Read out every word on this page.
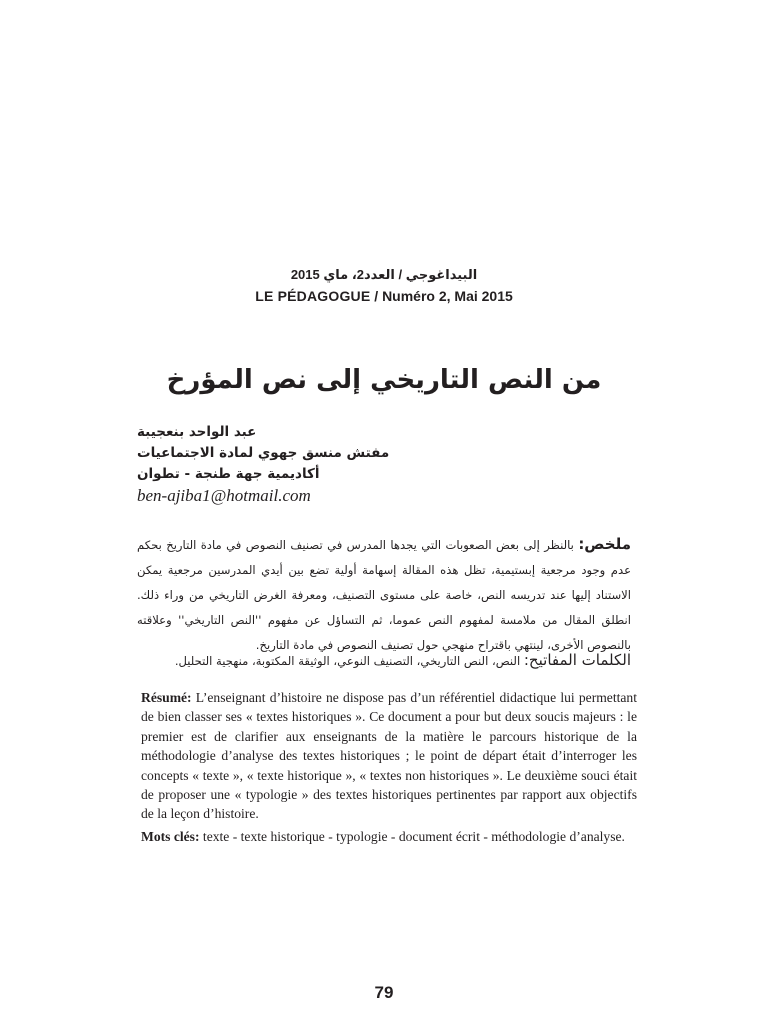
البيداغوجي / العدد2، ماي 2015
LE PÉDAGOGUE / Numéro 2, Mai 2015
من النص التاريخي إلى نص المؤرخ
عبد الواحد بنعجيبة
مفتش منسق جهوي لمادة الاجتماعيات
أكاديمية جهة طنجة - تطوان
ben-ajiba1@hotmail.com
ملخص: بالنظر إلى بعض الصعوبات التي يجدها المدرس في تصنيف النصوص في مادة التاريخ بحكم عدم وجود مرجعية إبستيمية، تظل هذه المقالة إسهامة أولية تضع بين أيدي المدرسين مرجعية يمكن الاستناد إليها عند تدريسه النص، خاصة على مستوى التصنيف، ومعرفة الغرض التاريخي من وراء ذلك. انطلق المقال من ملامسة لمفهوم النص عموما، ثم التساؤل عن مفهوم ''النص التاريخي'' وعلاقته بالنصوص الأخرى، لينتهي باقتراح منهجي حول تصنيف النصوص في مادة التاريخ.
الكلمات المفاتيح: النص، النص التاريخي، التصنيف النوعي، الوثيقة المكتوبة، منهجية التحليل.
Résumé: L’enseignant d’histoire ne dispose pas d’un référentiel didactique lui permettant de bien classer ses « textes historiques ». Ce document a pour but deux soucis majeurs : le premier est de clarifier aux enseignants de la matière le parcours historique de la méthodologie d’analyse des textes historiques ; le point de départ était d’interroger les concepts « texte », « texte historique », « textes non historiques ». Le deuxième souci était de proposer une « typologie » des textes historiques pertinentes par rapport aux objectifs de la leçon d’histoire.
Mots clés: texte - texte historique - typologie - document écrit - méthodologie d’analyse.
79
